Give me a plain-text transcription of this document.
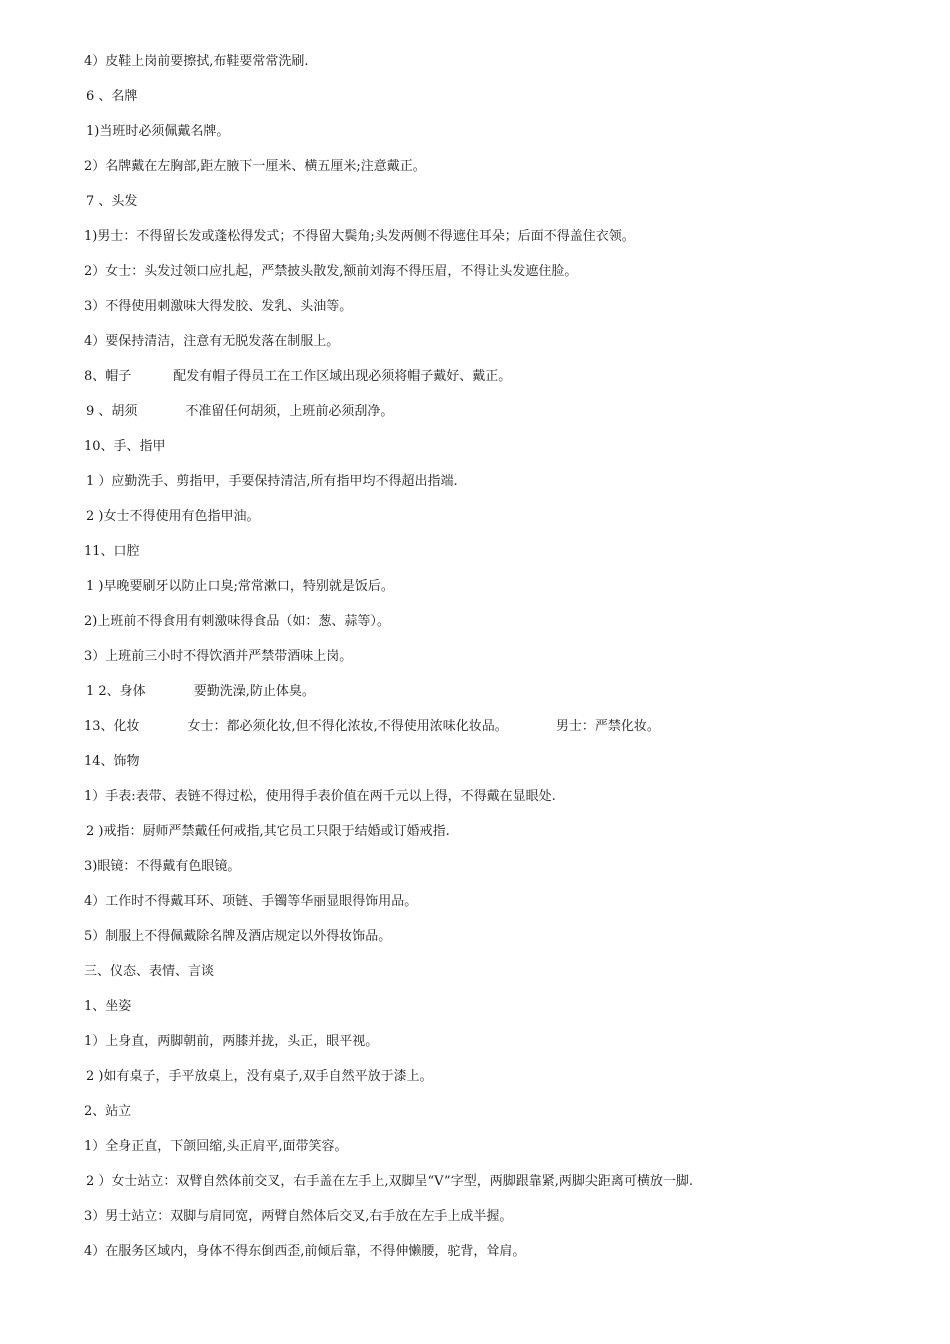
4）皮鞋上岗前要擦拭,布鞋要常常洗刷.
6 、名牌
1)当班时必须佩戴名牌。
2）名牌戴在左胸部,距左腋下一厘米、横五厘米;注意戴正。
7 、头发
1)男士：不得留长发或蓬松得发式；不得留大鬓角;头发两侧不得遮住耳朵；后面不得盖住衣领。
2）女士：头发过领口应扎起，严禁披头散发,额前刘海不得压眉，不得让头发遮住脸。
3）不得使用刺激味大得发胶、发乳、头油等。
4）要保持清洁，注意有无脱发落在制服上。
8、帽子	配发有帽子得员工在工作区域出现必须将帽子戴好、戴正。
9 、胡须	不准留任何胡须，上班前必须刮净。
10、手、指甲
1 ）应勤洗手、剪指甲，手要保持清洁,所有指甲均不得超出指端.
2 )女士不得使用有色指甲油。
11、口腔
1 )早晚要刷牙以防止口臭;常常漱口，特别就是饭后。
2)上班前不得食用有刺激味得食品（如：葱、蒜等）。
3）上班前三小时不得饮酒并严禁带酒味上岗。
1 2、身体	要勤洗澡,防止体臭。
13、化妆	女士：都必须化妆,但不得化浓妆,不得使用浓味化妆品。	男士：严禁化妆。
14、饰物
1）手表:表带、表链不得过松，使用得手表价值在两千元以上得，不得戴在显眼处.
2 )戒指：厨师严禁戴任何戒指,其它员工只限于结婚或订婚戒指.
3)眼镜：不得戴有色眼镜。
4）工作时不得戴耳环、项链、手镯等华丽显眼得饰用品。
5）制服上不得佩戴除名牌及酒店规定以外得妆饰品。
三、仪态、表情、言谈
1、坐姿
1）上身直，两脚朝前，两膝并拢，头正，眼平视。
2 )如有桌子，手平放桌上，没有桌子,双手自然平放于漆上。
2、站立
1）全身正直，下颌回缩,头正肩平,面带笑容。
2 ）女士站立：双臂自然体前交叉，右手盖在左手上,双脚呈“V”字型，两脚跟靠紧,两脚尖距离可横放一脚.
3）男士站立：双脚与肩同宽，两臂自然体后交叉,右手放在左手上成半握。
4）在服务区域内，身体不得东倒西歪,前倾后靠，不得伸懒腰，驼背，耸肩。
